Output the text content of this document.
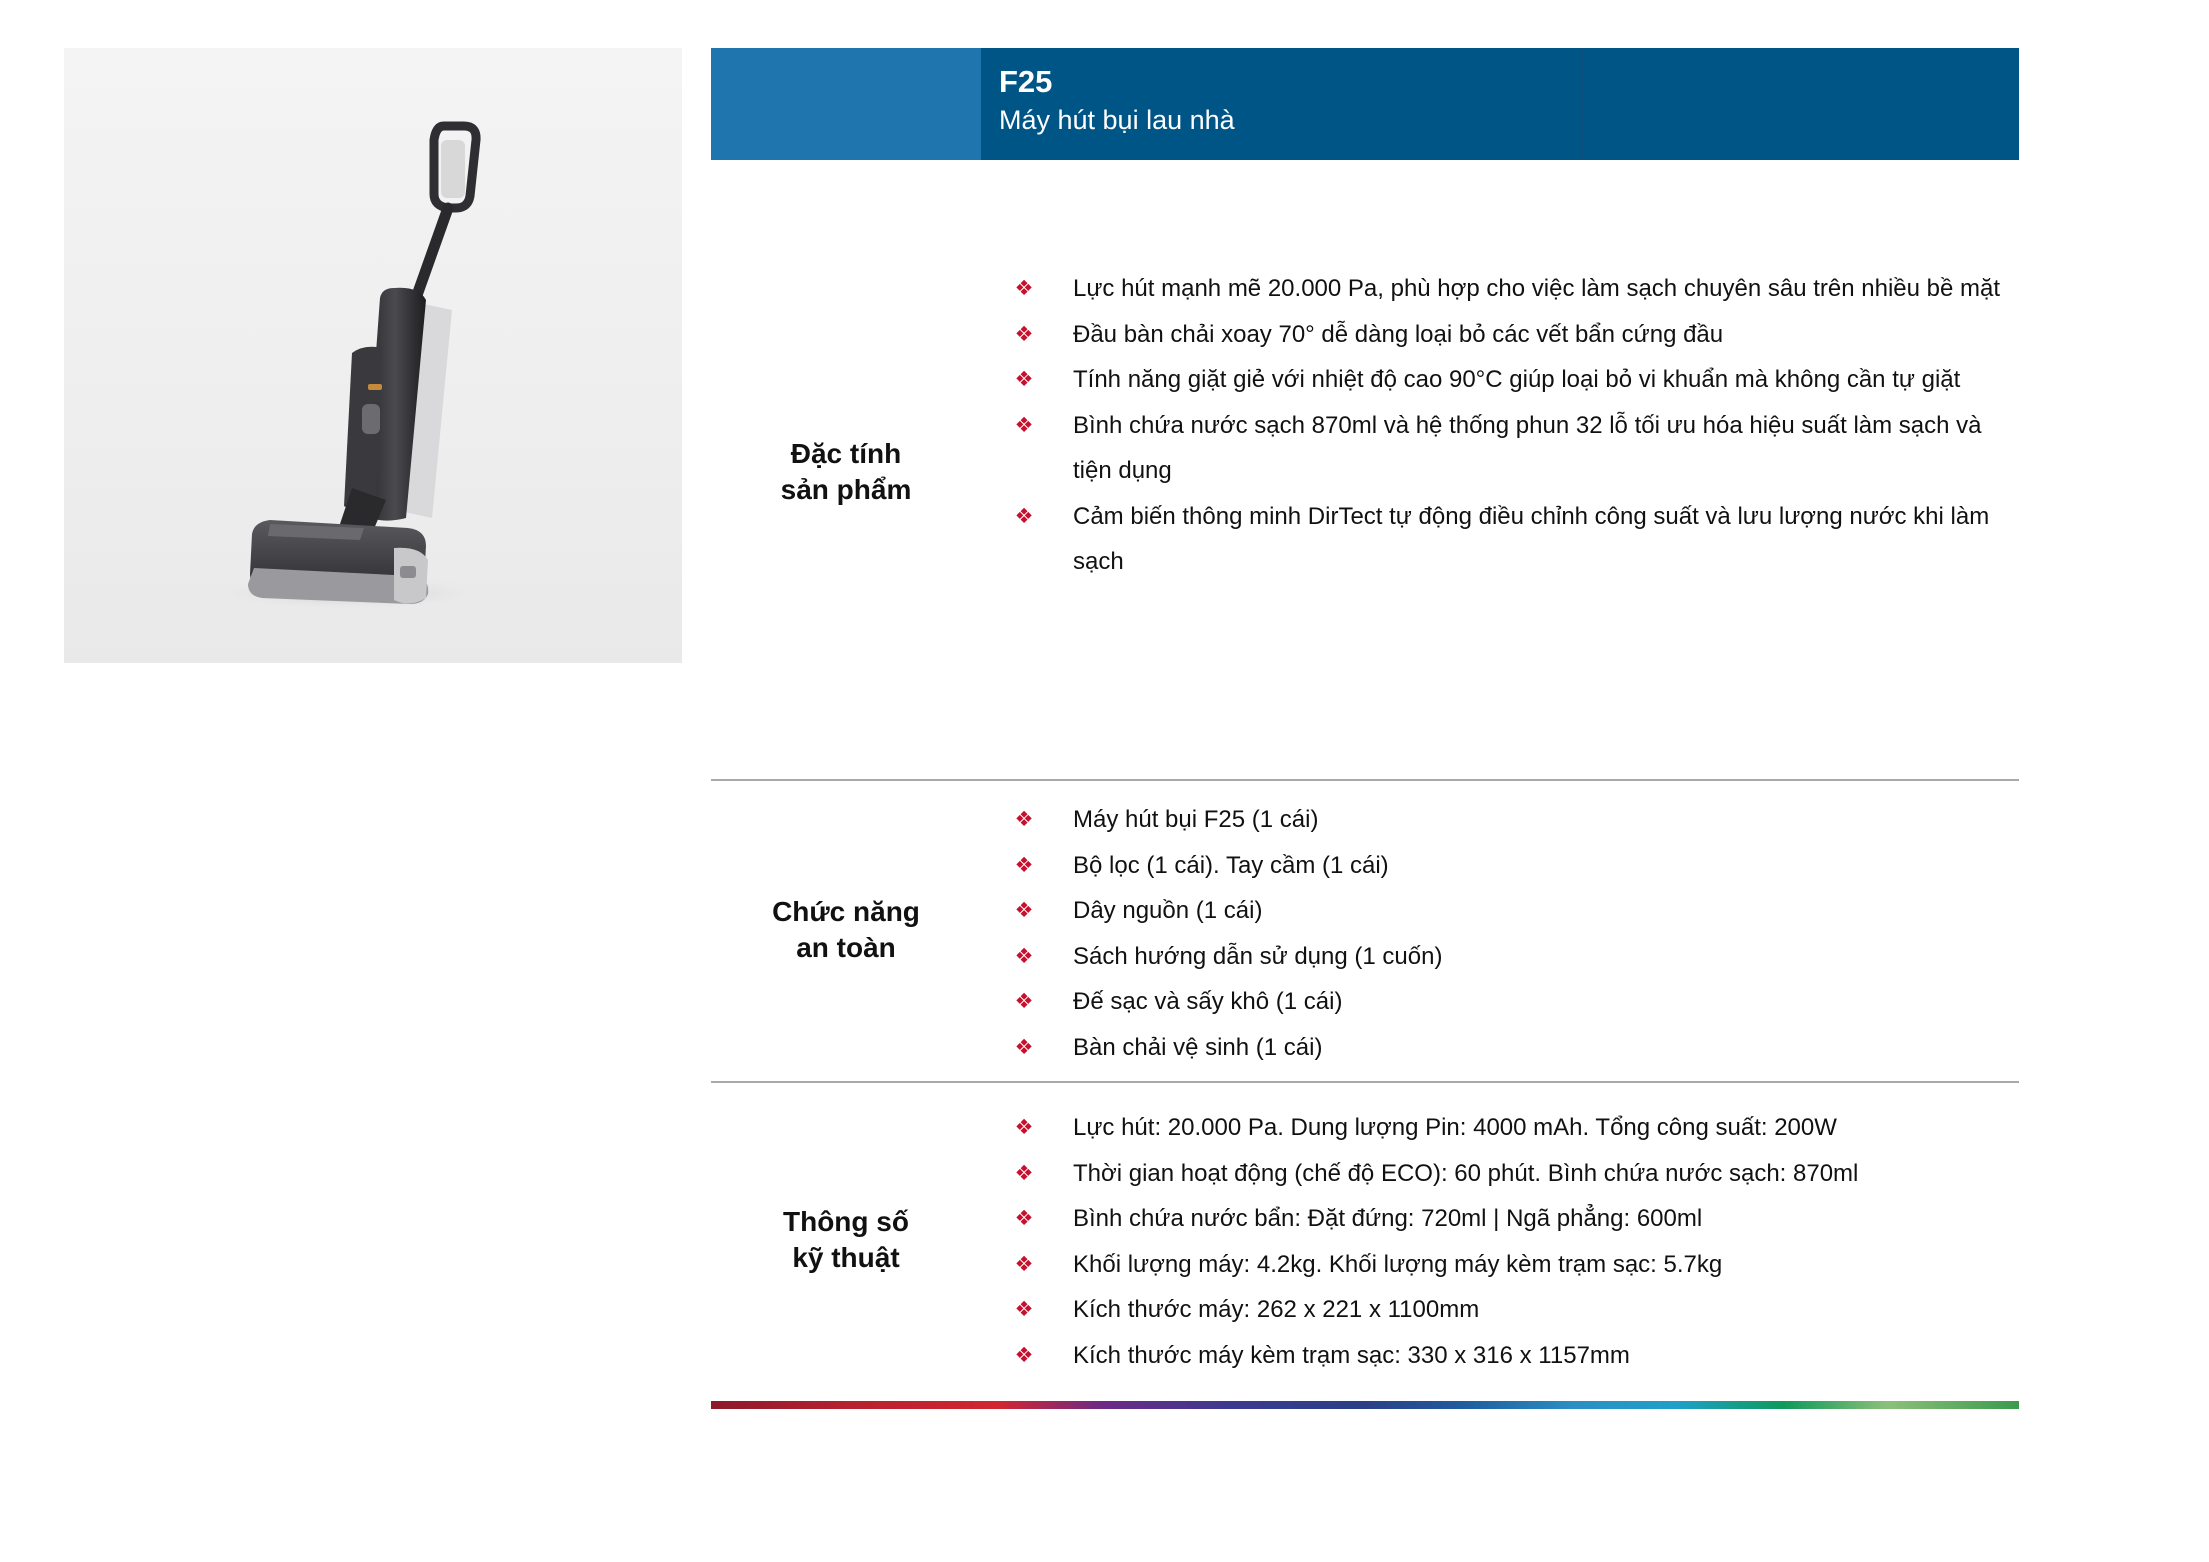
F25
Máy hút bụi lau nhà
Đặc tính
sản phẩm
❖ Lực hút mạnh mẽ 20.000 Pa, phù hợp cho việc làm sạch chuyên sâu trên nhiều bề mặt
❖ Đầu bàn chải xoay 70° dễ dàng loại bỏ các vết bẩn cứng đầu
❖ Tính năng giặt giẻ với nhiệt độ cao 90°C giúp loại bỏ vi khuẩn mà không cần tự giặt
❖ Bình chứa nước sạch 870ml và hệ thống phun 32 lỗ tối ưu hóa hiệu suất làm sạch và tiện dụng
❖ Cảm biến thông minh DirTect tự động điều chỉnh công suất và lưu lượng nước khi làm sạch
Chức năng
an toàn
❖ Máy hút bụi F25 (1 cái)
❖ Bộ lọc (1 cái). Tay cầm (1 cái)
❖ Dây nguồn (1 cái)
❖ Sách hướng dẫn sử dụng (1 cuốn)
❖ Đế sạc và sấy khô (1 cái)
❖ Bàn chải vệ sinh (1 cái)
Thông số
kỹ thuật
❖ Lực hút: 20.000 Pa. Dung lượng Pin: 4000 mAh. Tổng công suất: 200W
❖ Thời gian hoạt động (chế độ ECO): 60 phút. Bình chứa nước sạch: 870ml
❖ Bình chứa nước bẩn: Đặt đứng: 720ml | Ngã phẳng: 600ml
❖ Khối lượng máy: 4.2kg. Khối lượng máy kèm trạm sạc: 5.7kg
❖ Kích thước máy: 262 x 221 x 1100mm
❖ Kích thước máy kèm trạm sạc: 330 x 316 x 1157mm
